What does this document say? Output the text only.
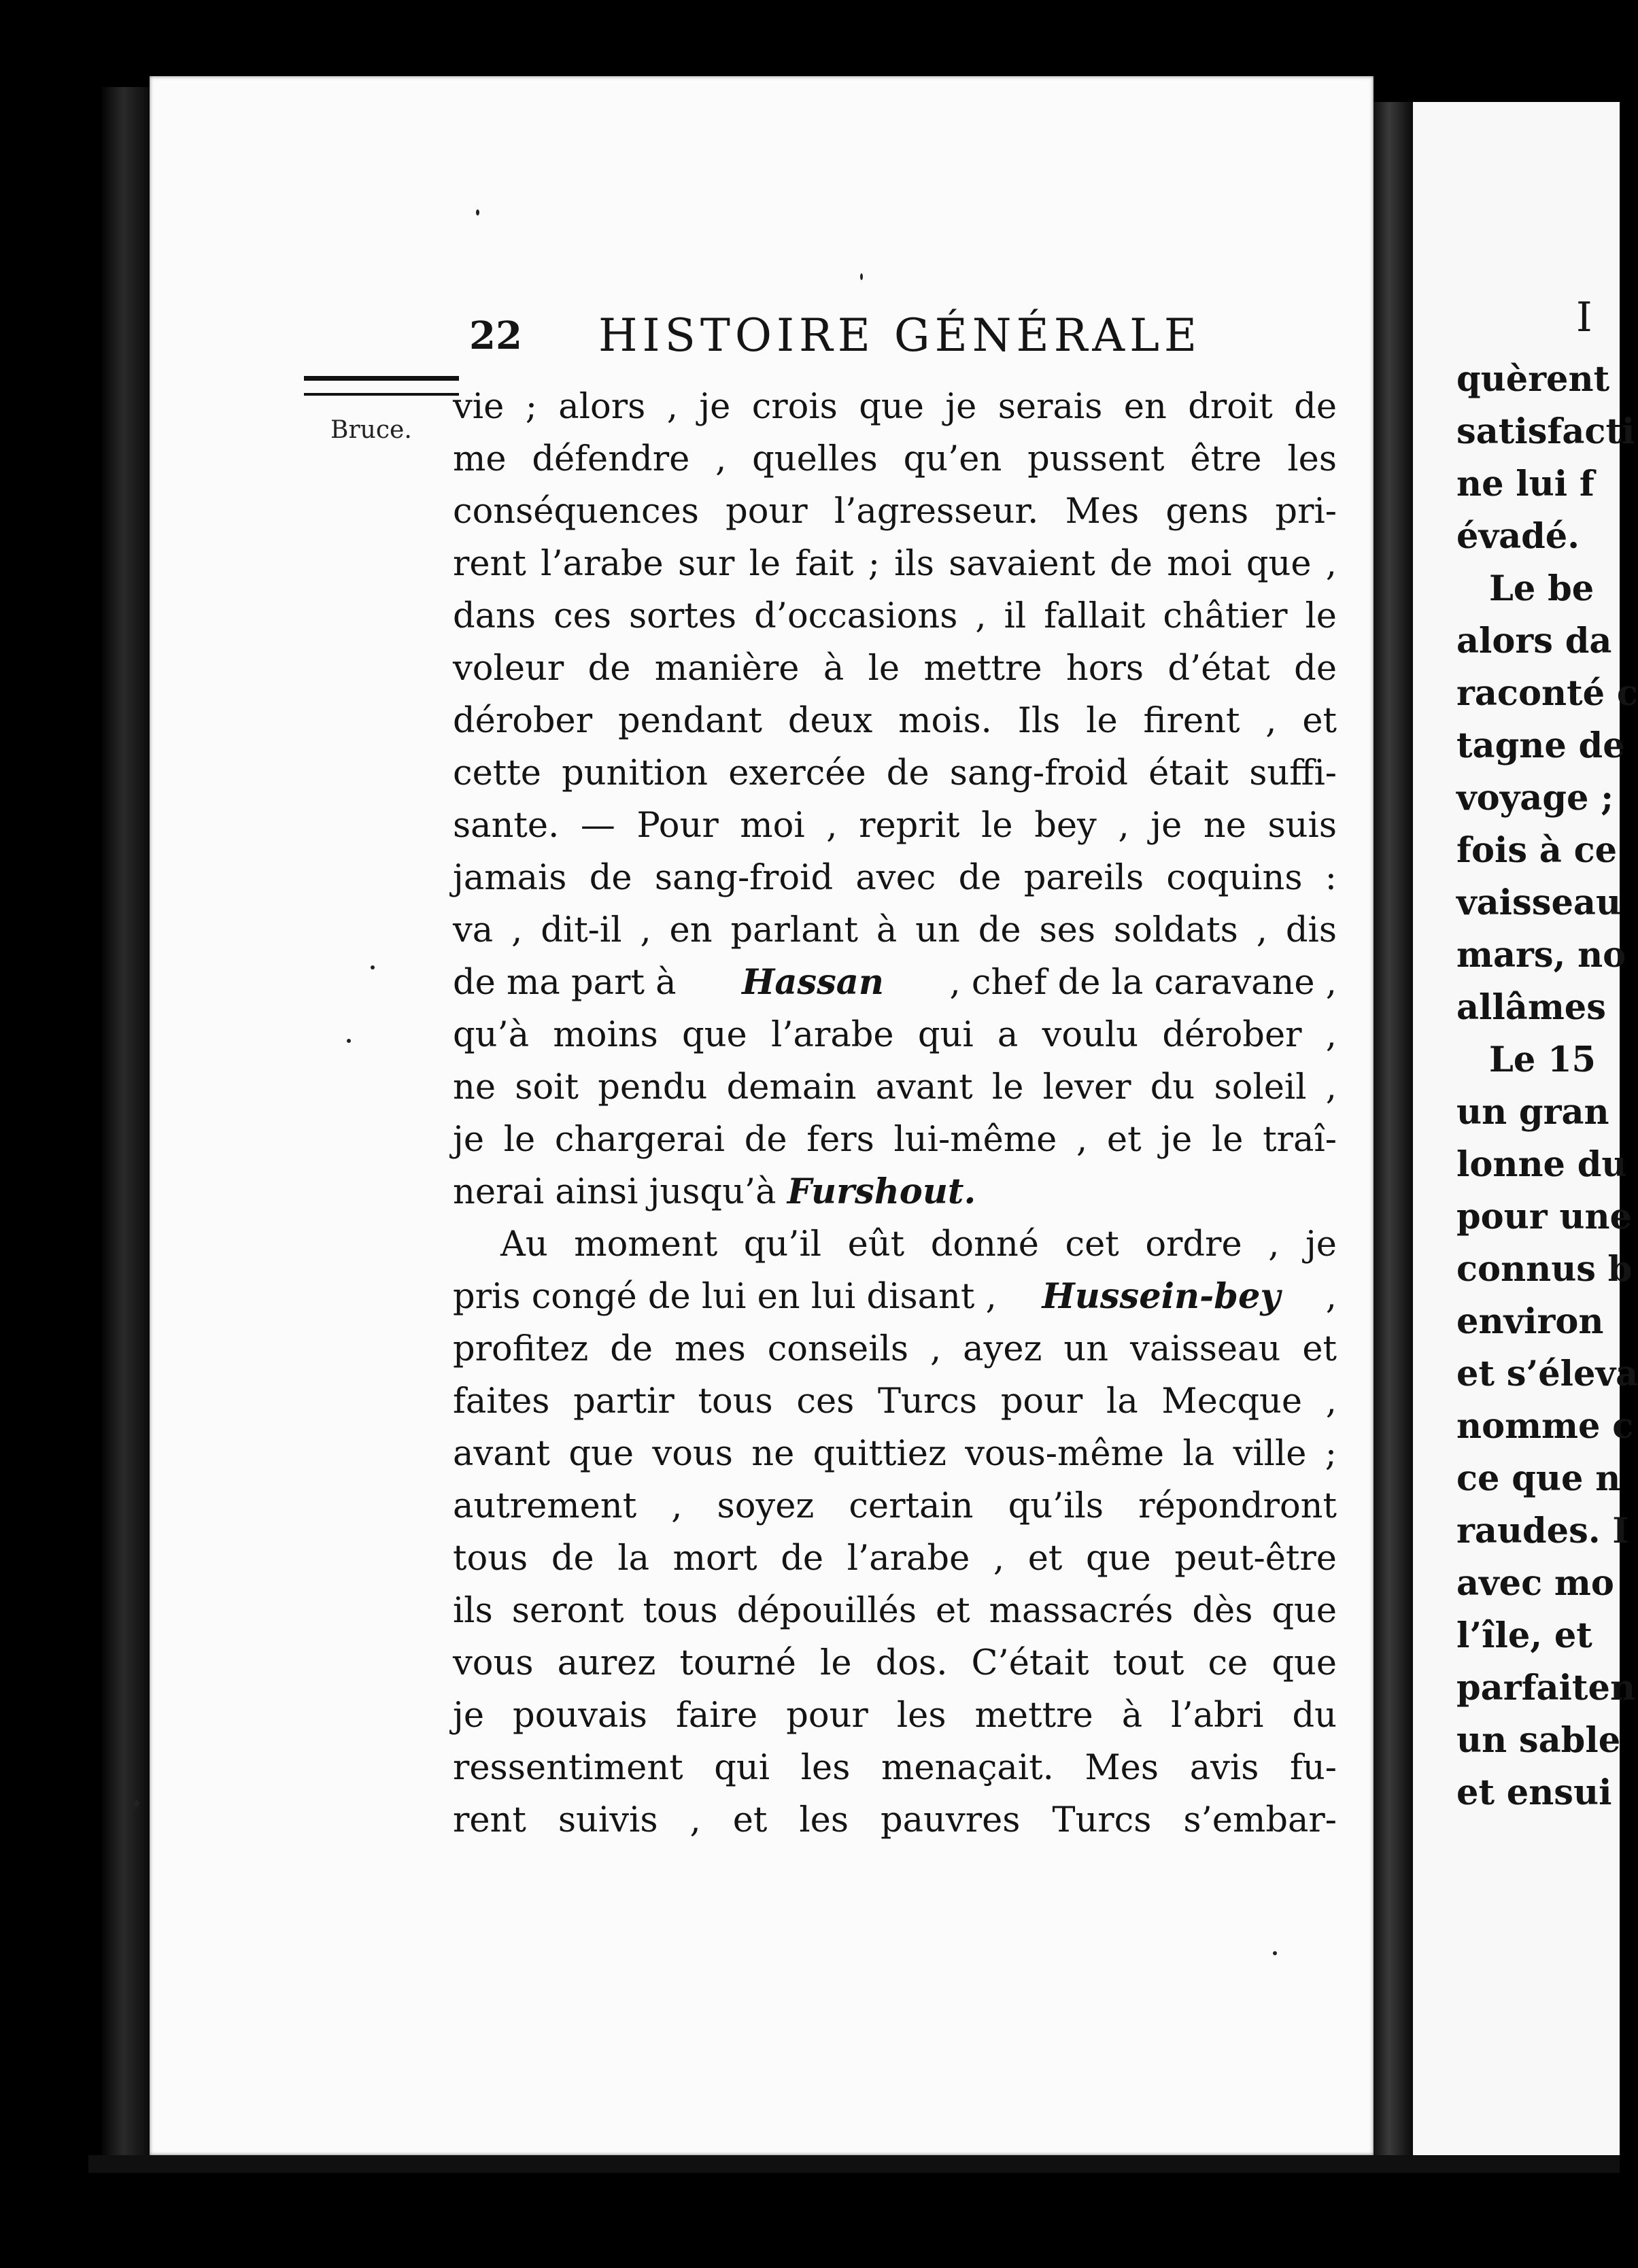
22 HISTOIRE GÉNÉRALE
Bruce.
vie ; alors , je crois que je serais en droit de
me défendre , quelles qu’en pussent être les
conséquences pour l’agresseur. Mes gens pri-
rent l’arabe sur le fait ; ils savaient de moi que ,
dans ces sortes d’occasions , il fallait châtier le
voleur de manière à le mettre hors d’état de
dérober pendant deux mois. Ils le firent , et
cette punition exercée de sang-froid était suffi-
sante. — Pour moi , reprit le bey , je ne suis
jamais de sang-froid avec de pareils coquins :
va , dit-il , en parlant à un de ses soldats , dis
de ma part à Hassan , chef de la caravane ,
qu’à moins que l’arabe qui a voulu dérober ,
ne soit pendu demain avant le lever du soleil ,
je le chargerai de fers lui-même , et je le traî-
nerai ainsi jusqu’à Furshout.
Au moment qu’il eût donné cet ordre , je
pris congé de lui en lui disant , Hussein-bey ,
profitez de mes conseils , ayez un vaisseau et
faites partir tous ces Turcs pour la Mecque ,
avant que vous ne quittiez vous-même la ville ;
autrement , soyez certain qu’ils répondront
tous de la mort de l’arabe , et que peut-être
ils seront tous dépouillés et massacrés dès que
vous aurez tourné le dos. C’était tout ce que
je pouvais faire pour les mettre à l’abri du
ressentiment qui les menaçait. Mes avis fu-
rent suivis , et les pauvres Turcs s’embar-
I
quèrent
satisfacti
ne lui f
évadé.
Le be
alors da
raconté c
tagne de
voyage ;
fois à ce
vaisseau
mars, no
allâmes
Le 15
un gran
lonne du
pour une
connus b
environ
et s’éleva
nomme c
ce que n
raudes. I
avec mo
l’île, et
parfaiten
un sable
et ensui
